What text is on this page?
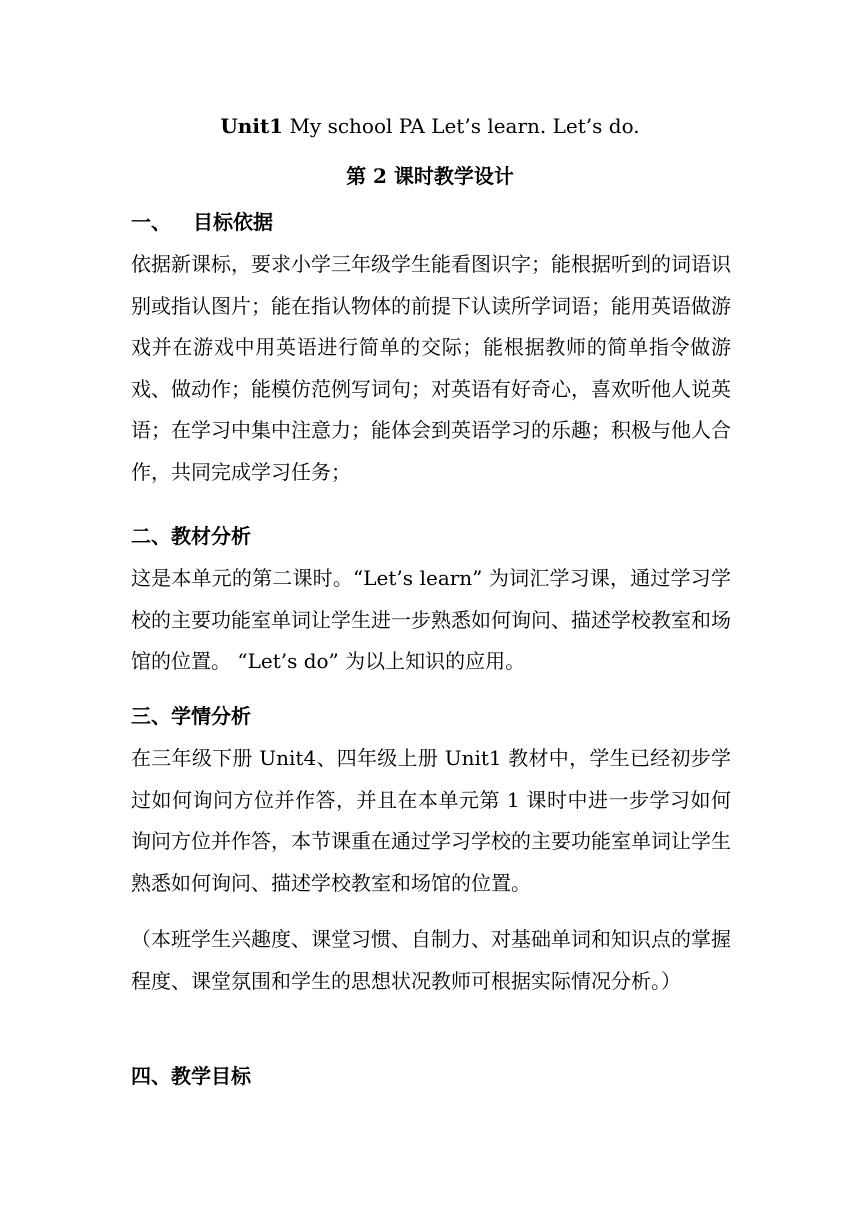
Unit1 My school PA Let’s learn. Let’s do.
第 2 课时教学设计
一、 目标依据
依据新课标，要求小学三年级学生能看图识字；能根据听到的词语识别或指认图片；能在指认物体的前提下认读所学词语；能用英语做游戏并在游戏中用英语进行简单的交际；能根据教师的简单指令做游戏、做动作；能模仿范例写词句；对英语有好奇心，喜欢听他人说英语；在学习中集中注意力；能体会到英语学习的乐趣；积极与他人合作，共同完成学习任务；
二、教材分析
这是本单元的第二课时。“Let’s learn” 为词汇学习课，通过学习学校的主要功能室单词让学生进一步熟悉如何询问、描述学校教室和场馆的位置。 “Let’s do” 为以上知识的应用。
三、学情分析
在三年级下册 Unit4、四年级上册 Unit1 教材中，学生已经初步学过如何询问方位并作答，并且在本单元第 1 课时中进一步学习如何询问方位并作答，本节课重在通过学习学校的主要功能室单词让学生熟悉如何询问、描述学校教室和场馆的位置。
（本班学生兴趣度、课堂习惯、自制力、对基础单词和知识点的掌握程度、课堂氛围和学生的思想状况教师可根据实际情况分析。）
四、教学目标
